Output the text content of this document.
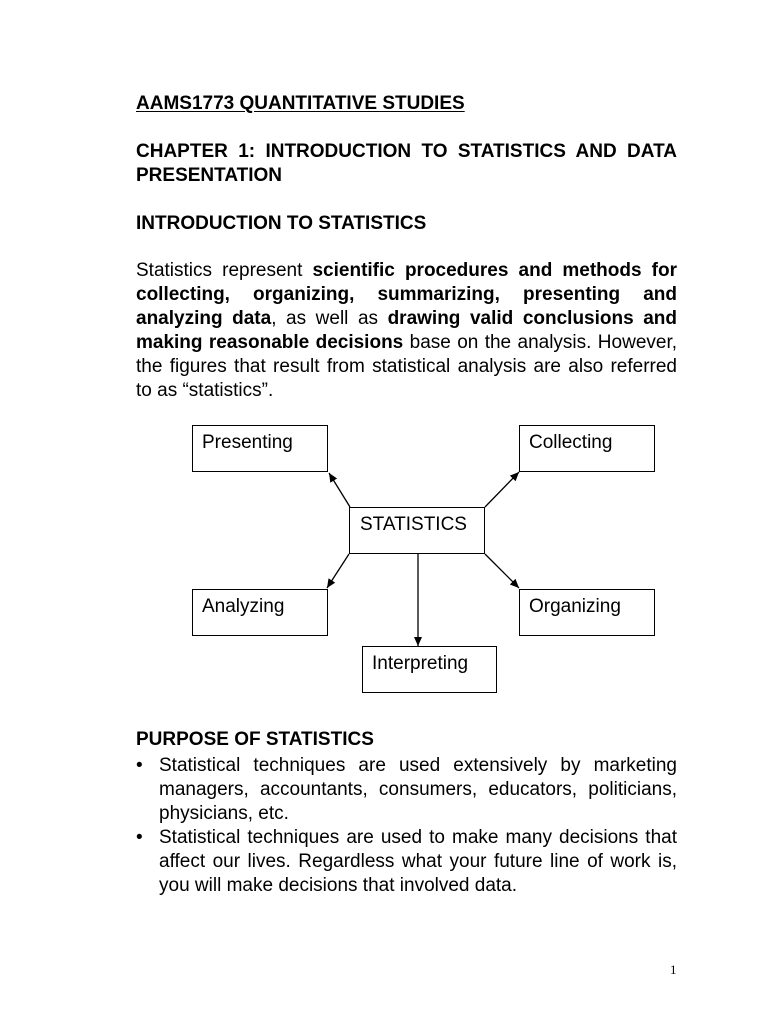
AAMS1773 QUANTITATIVE STUDIES
CHAPTER 1: INTRODUCTION TO STATISTICS AND DATA PRESENTATION
INTRODUCTION TO STATISTICS
Statistics represent scientific procedures and methods for collecting, organizing, summarizing, presenting and analyzing data, as well as drawing valid conclusions and making reasonable decisions base on the analysis. However, the figures that result from statistical analysis are also referred to as “statistics”.
Presenting	Collecting
STATISTICS
Analyzing	Organizing
Interpreting
PURPOSE OF STATISTICS
• Statistical techniques are used extensively by marketing managers, accountants, consumers, educators, politicians, physicians, etc.
• Statistical techniques are used to make many decisions that affect our lives. Regardless what your future line of work is, you will make decisions that involved data.
1
